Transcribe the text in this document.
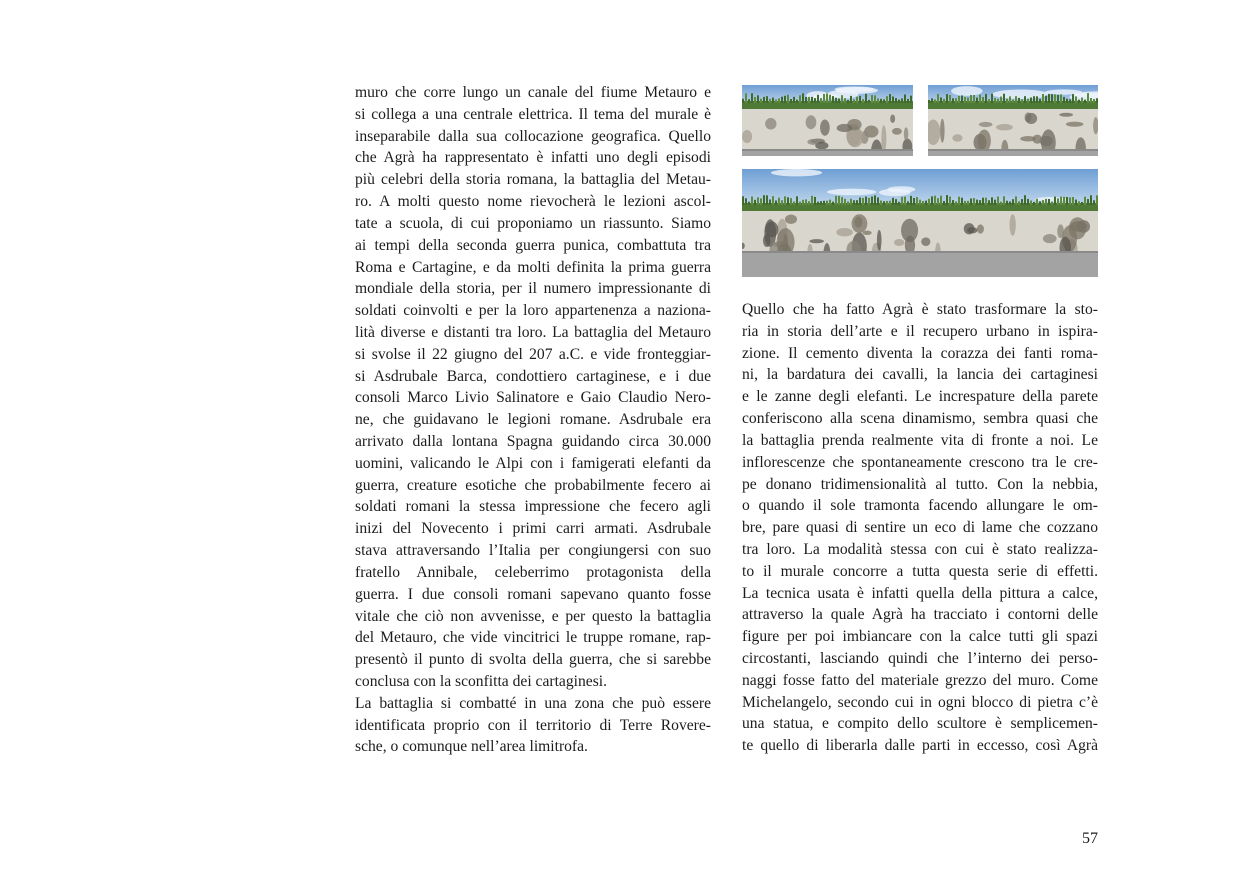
muro che corre lungo un canale del fiume Metauro e
si collega a una centrale elettrica. Il tema del murale è
inseparabile dalla sua collocazione geografica. Quello
che Agrà ha rappresentato è infatti uno degli episodi
più celebri della storia romana, la battaglia del Metau-
ro. A molti questo nome rievocherà le lezioni ascol-
tate a scuola, di cui proponiamo un riassunto. Siamo
ai tempi della seconda guerra punica, combattuta tra
Roma e Cartagine, e da molti definita la prima guerra
mondiale della storia, per il numero impressionante di
soldati coinvolti e per la loro appartenenza a naziona-
lità diverse e distanti tra loro. La battaglia del Metauro
si svolse il 22 giugno del 207 a.C. e vide fronteggiar-
si Asdrubale Barca, condottiero cartaginese, e i due
consoli Marco Livio Salinatore e Gaio Claudio Nero-
ne, che guidavano le legioni romane. Asdrubale era
arrivato dalla lontana Spagna guidando circa 30.000
uomini, valicando le Alpi con i famigerati elefanti da
guerra, creature esotiche che probabilmente fecero ai
soldati romani la stessa impressione che fecero agli
inizi del Novecento i primi carri armati. Asdrubale
stava attraversando l’Italia per congiungersi con suo
fratello Annibale, celeberrimo protagonista della
guerra. I due consoli romani sapevano quanto fosse
vitale che ciò non avvenisse, e per questo la battaglia
del Metauro, che vide vincitrici le truppe romane, rap-
presentò il punto di svolta della guerra, che si sarebbe
conclusa con la sconfitta dei cartaginesi.
La battaglia si combatté in una zona che può essere
identificata proprio con il territorio di Terre Rovere-
sche, o comunque nell’area limitrofa.
Quello che ha fatto Agrà è stato trasformare la sto-
ria in storia dell’arte e il recupero urbano in ispira-
zione. Il cemento diventa la corazza dei fanti roma-
ni, la bardatura dei cavalli, la lancia dei cartaginesi
e le zanne degli elefanti. Le increspature della parete
conferiscono alla scena dinamismo, sembra quasi che
la battaglia prenda realmente vita di fronte a noi. Le
inflorescenze che spontaneamente crescono tra le cre-
pe donano tridimensionalità al tutto. Con la nebbia,
o quando il sole tramonta facendo allungare le om-
bre, pare quasi di sentire un eco di lame che cozzano
tra loro. La modalità stessa con cui è stato realizza-
to il murale concorre a tutta questa serie di effetti.
La tecnica usata è infatti quella della pittura a calce,
attraverso la quale Agrà ha tracciato i contorni delle
figure per poi imbiancare con la calce tutti gli spazi
circostanti, lasciando quindi che l’interno dei perso-
naggi fosse fatto del materiale grezzo del muro. Come
Michelangelo, secondo cui in ogni blocco di pietra c’è
una statua, e compito dello scultore è semplicemen-
te quello di liberarla dalle parti in eccesso, così Agrà
57
